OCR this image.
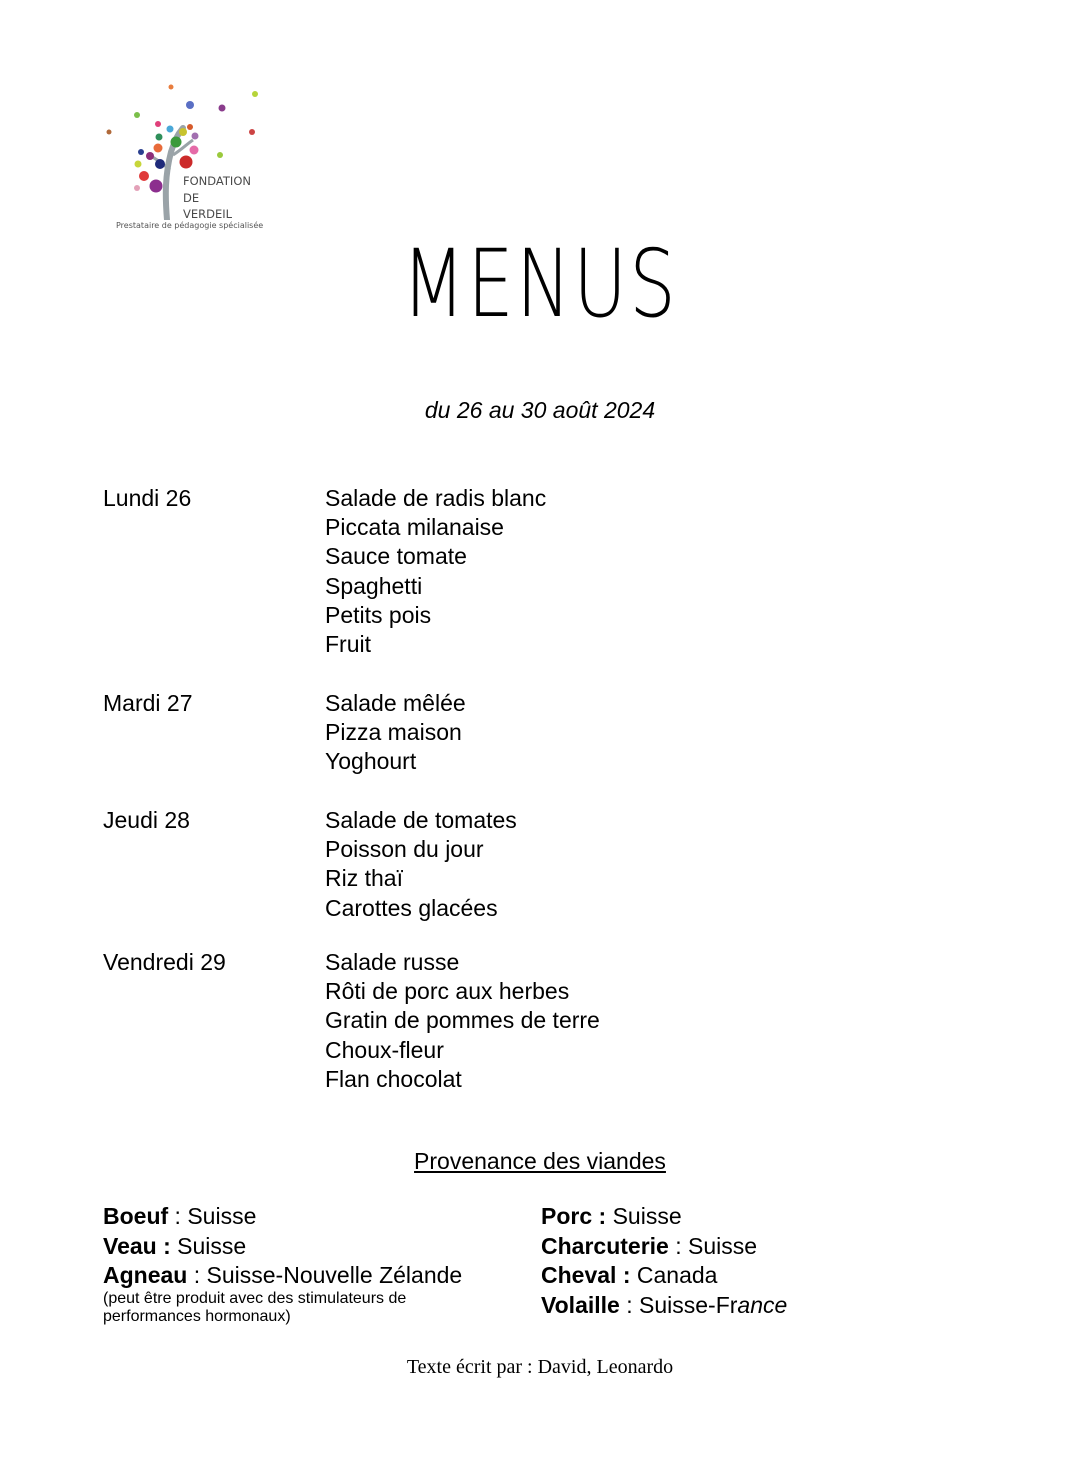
FONDATION
DE
VERDEIL
Prestataire de pédagogie spécialisée
MENUS
du 26 au 30 août 2024
Lundi 26	Salade de radis blanc
Piccata milanaise
Sauce tomate
Spaghetti
Petits pois
Fruit
Mardi 27	Salade mêlée
Pizza maison
Yoghourt
Jeudi 28	Salade de tomates
Poisson du jour
Riz thaï
Carottes glacées
Vendredi 29	Salade russe
Rôti de porc aux herbes
Gratin de pommes de terre
Choux-fleur
Flan chocolat
Provenance des viandes
Boeuf : Suisse
Veau : Suisse
Agneau : Suisse-Nouvelle Zélande
(peut être produit avec des stimulateurs de
performances hormonaux)
Porc : Suisse
Charcuterie : Suisse
Cheval : Canada
Volaille : Suisse-France
Texte écrit par : David, Leonardo
